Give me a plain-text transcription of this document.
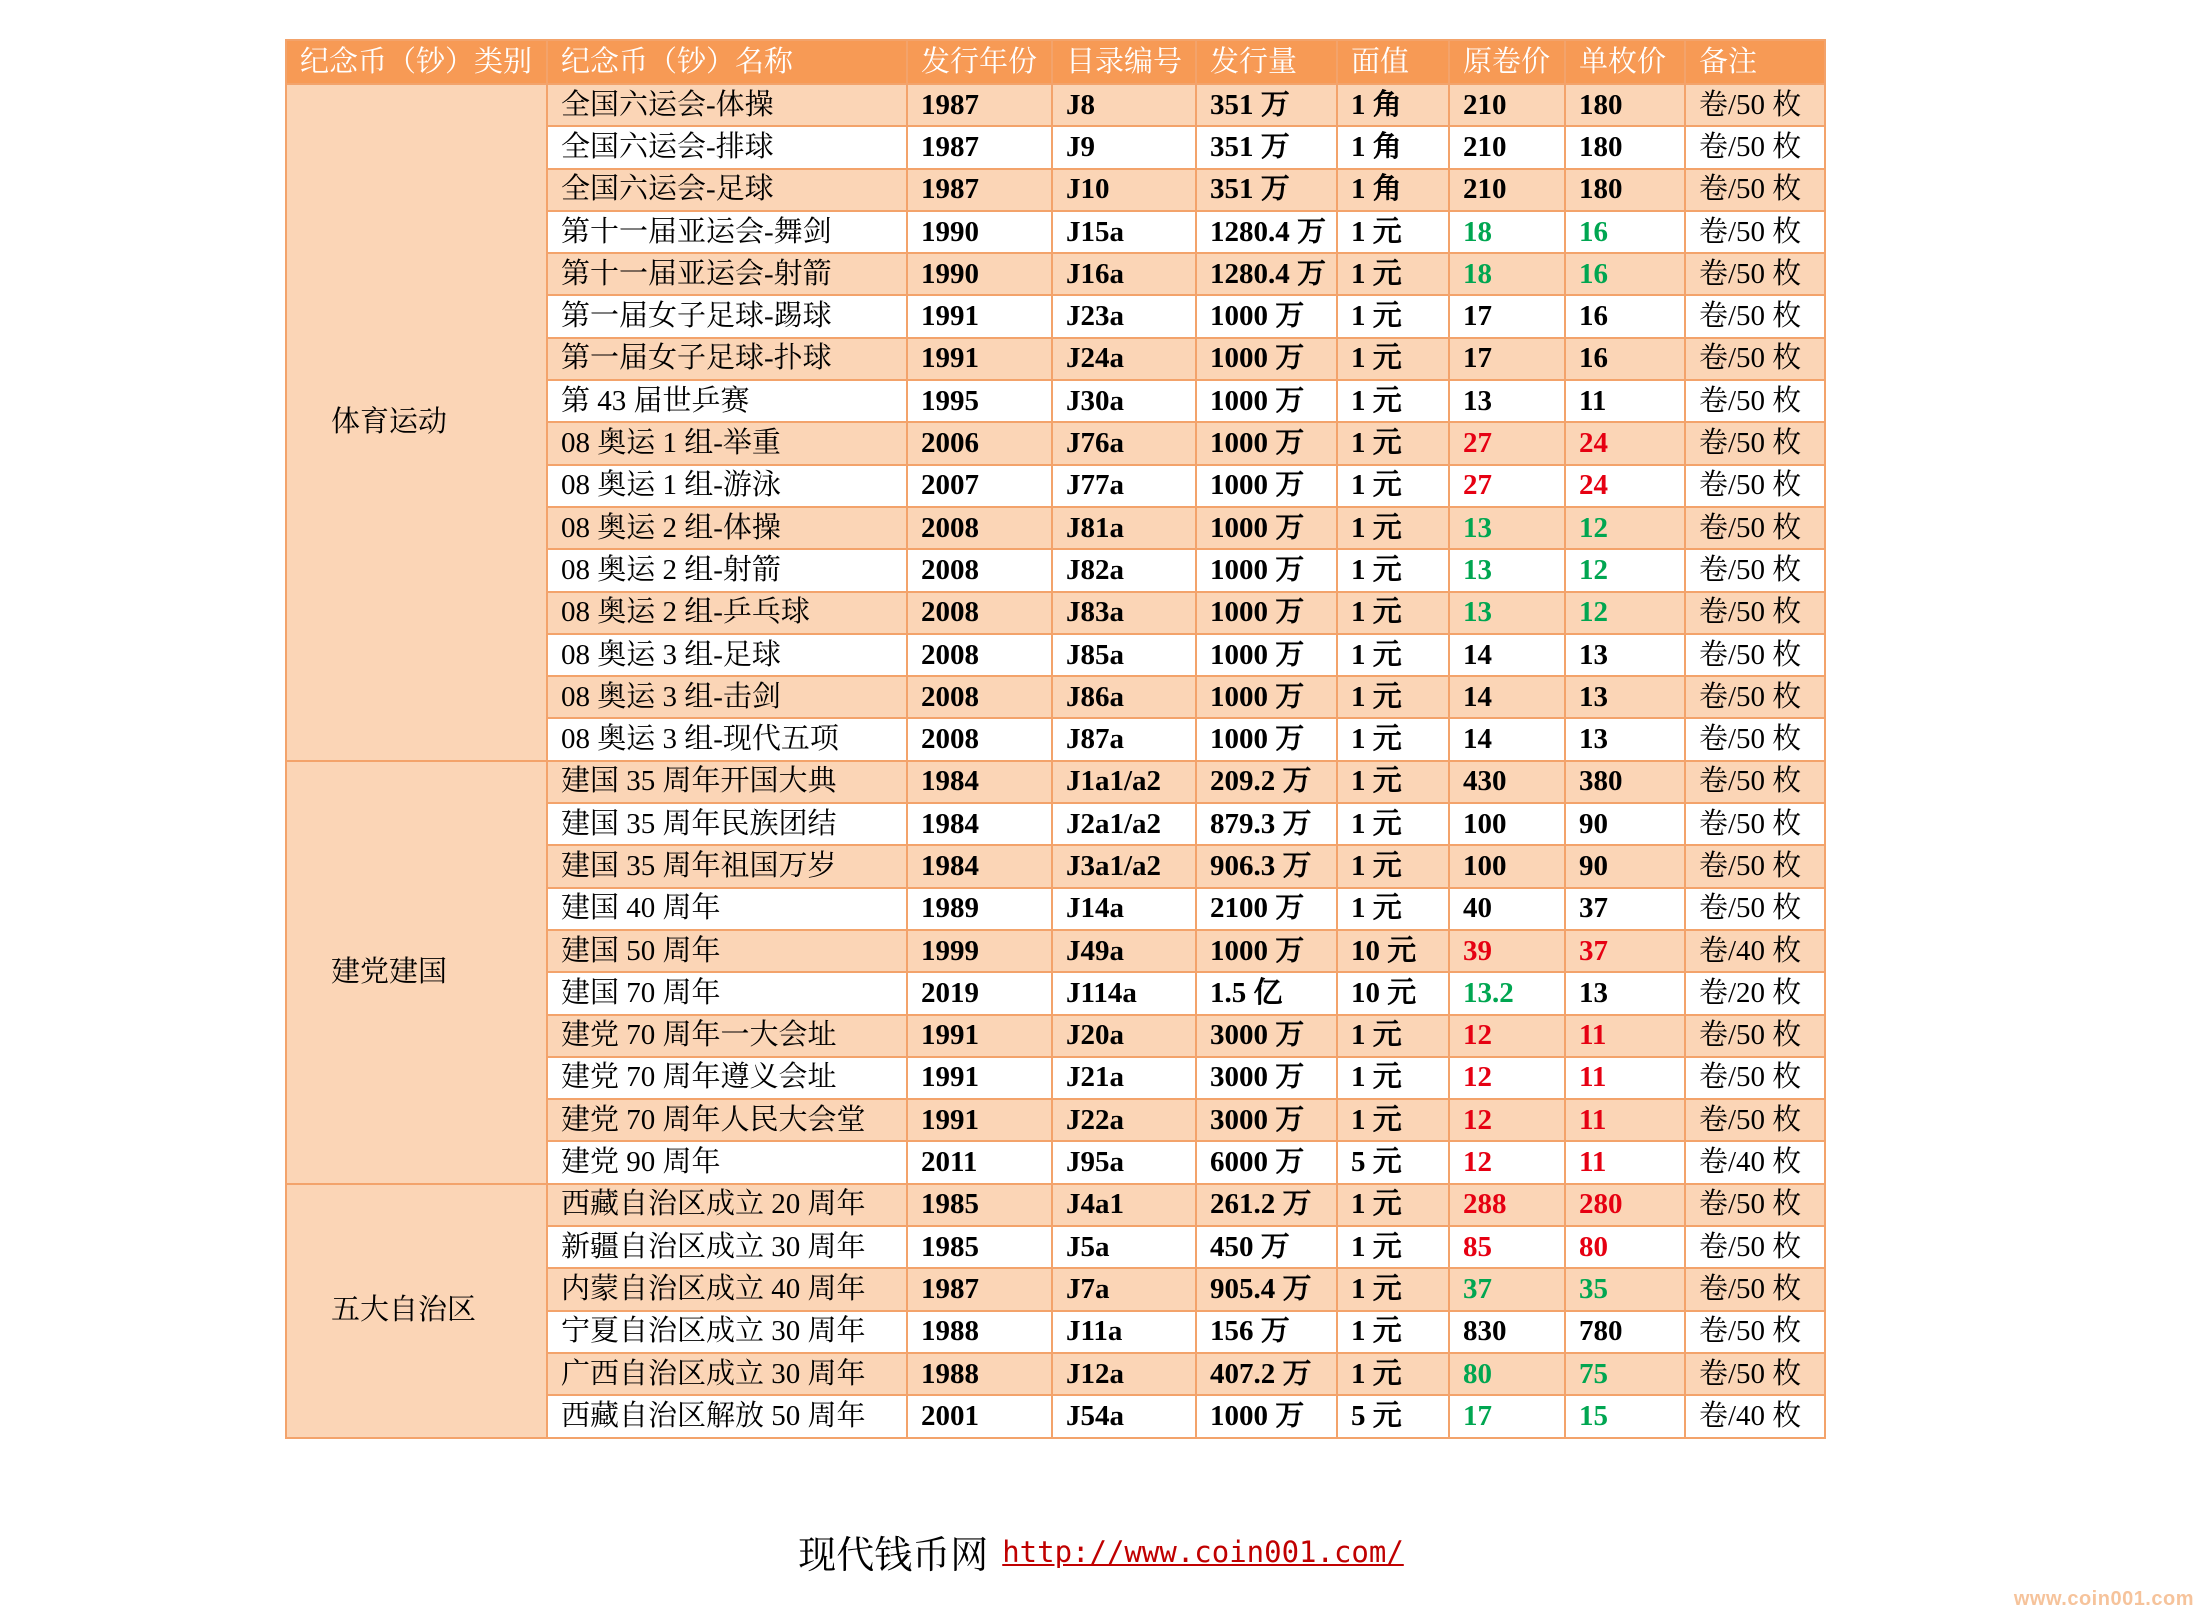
纪念币（钞）类别	纪念币（钞）名称	发行年份	目录编号	发行量	面值	原卷价	单枚价	备注
体育运动	全国六运会-体操	1987	J8	351 万	1 角	210	180	卷/50 枚
	全国六运会-排球	1987	J9	351 万	1 角	210	180	卷/50 枚
	全国六运会-足球	1987	J10	351 万	1 角	210	180	卷/50 枚
	第十一届亚运会-舞剑	1990	J15a	1280.4 万	1 元	18	16	卷/50 枚
	第十一届亚运会-射箭	1990	J16a	1280.4 万	1 元	18	16	卷/50 枚
	第一届女子足球-踢球	1991	J23a	1000 万	1 元	17	16	卷/50 枚
	第一届女子足球-扑球	1991	J24a	1000 万	1 元	17	16	卷/50 枚
	第 43 届世乒赛	1995	J30a	1000 万	1 元	13	11	卷/50 枚
	08 奥运 1 组-举重	2006	J76a	1000 万	1 元	27	24	卷/50 枚
	08 奥运 1 组-游泳	2007	J77a	1000 万	1 元	27	24	卷/50 枚
	08 奥运 2 组-体操	2008	J81a	1000 万	1 元	13	12	卷/50 枚
	08 奥运 2 组-射箭	2008	J82a	1000 万	1 元	13	12	卷/50 枚
	08 奥运 2 组-乒乓球	2008	J83a	1000 万	1 元	13	12	卷/50 枚
	08 奥运 3 组-足球	2008	J85a	1000 万	1 元	14	13	卷/50 枚
	08 奥运 3 组-击剑	2008	J86a	1000 万	1 元	14	13	卷/50 枚
	08 奥运 3 组-现代五项	2008	J87a	1000 万	1 元	14	13	卷/50 枚
建党建国	建国 35 周年开国大典	1984	J1a1/a2	209.2 万	1 元	430	380	卷/50 枚
	建国 35 周年民族团结	1984	J2a1/a2	879.3 万	1 元	100	90	卷/50 枚
	建国 35 周年祖国万岁	1984	J3a1/a2	906.3 万	1 元	100	90	卷/50 枚
	建国 40 周年	1989	J14a	2100 万	1 元	40	37	卷/50 枚
	建国 50 周年	1999	J49a	1000 万	10 元	39	37	卷/40 枚
	建国 70 周年	2019	J114a	1.5 亿	10 元	13.2	13	卷/20 枚
	建党 70 周年一大会址	1991	J20a	3000 万	1 元	12	11	卷/50 枚
	建党 70 周年遵义会址	1991	J21a	3000 万	1 元	12	11	卷/50 枚
	建党 70 周年人民大会堂	1991	J22a	3000 万	1 元	12	11	卷/50 枚
	建党 90 周年	2011	J95a	6000 万	5 元	12	11	卷/40 枚
五大自治区	西藏自治区成立 20 周年	1985	J4a1	261.2 万	1 元	288	280	卷/50 枚
	新疆自治区成立 30 周年	1985	J5a	450 万	1 元	85	80	卷/50 枚
	内蒙自治区成立 40 周年	1987	J7a	905.4 万	1 元	37	35	卷/50 枚
	宁夏自治区成立 30 周年	1988	J11a	156 万	1 元	830	780	卷/50 枚
	广西自治区成立 30 周年	1988	J12a	407.2 万	1 元	80	75	卷/50 枚
	西藏自治区解放 50 周年	2001	J54a	1000 万	5 元	17	15	卷/40 枚
现代钱币网 http://www.coin001.com/
www.coin001.com
